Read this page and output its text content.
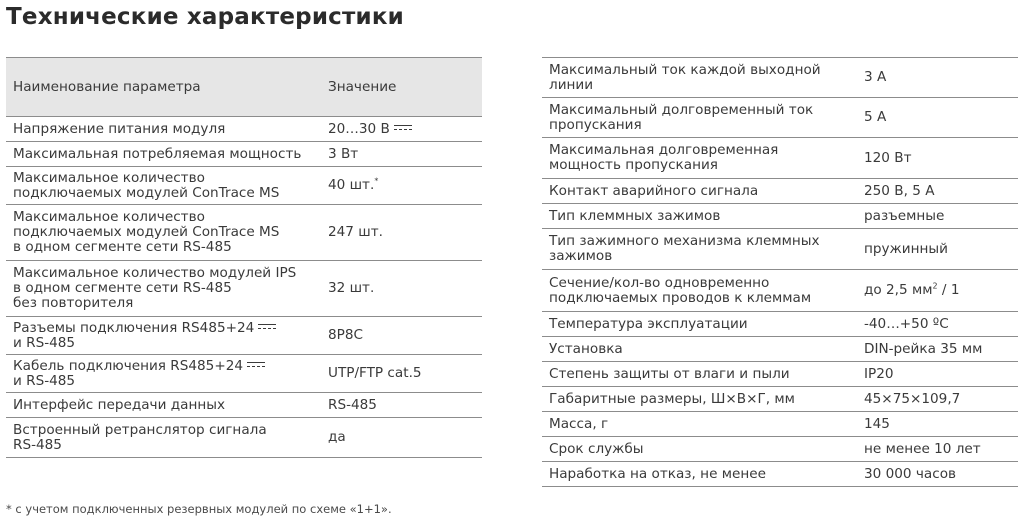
Технические характеристики
Наименование параметра	Значение
Напряжение питания модуля	20…30 В
Максимальная потребляемая мощность	3 Вт
Максимальное количество
подключаемых модулей ConTrace MS	40 шт.*
Максимальное количество
подключаемых модулей ConTrace MS
в одном сегменте сети RS-485	247 шт.
Максимальное количество модулей IPS
в одном сегменте сети RS-485
без повторителя	32 шт.
Разъемы подключения RS485+24
и RS-485	8P8C
Кабель подключения RS485+24
и RS-485	UTP/FTP cat.5
Интерфейс передачи данных	RS-485
Встроенный ретранслятор сигнала
RS-485	да
Максимальный ток каждой выходной
линии	3 А
Максимальный долговременный ток
пропускания	5 А
Максимальная долговременная
мощность пропускания	120 Вт
Контакт аварийного сигнала	250 В, 5 А
Тип клеммных зажимов	разъемные
Тип зажимного механизма клеммных
зажимов	пружинный
Сечение/кол-во одновременно
подключаемых проводов к клеммам	до 2,5 $мм^2 / 1$
Температура эксплуатации	-40…+50 ºС
Установка	DIN-рейка 35 мм
Степень защиты от влаги и пыли	IP20
Габаритные размеры, Ш×В×Г, мм	45×75×109,7
Масса, г	145
Срок службы	не менее 10 лет
Наработка на отказ, не менее	30 000 часов
* с учетом подключенных резервных модулей по схеме «1+1».
